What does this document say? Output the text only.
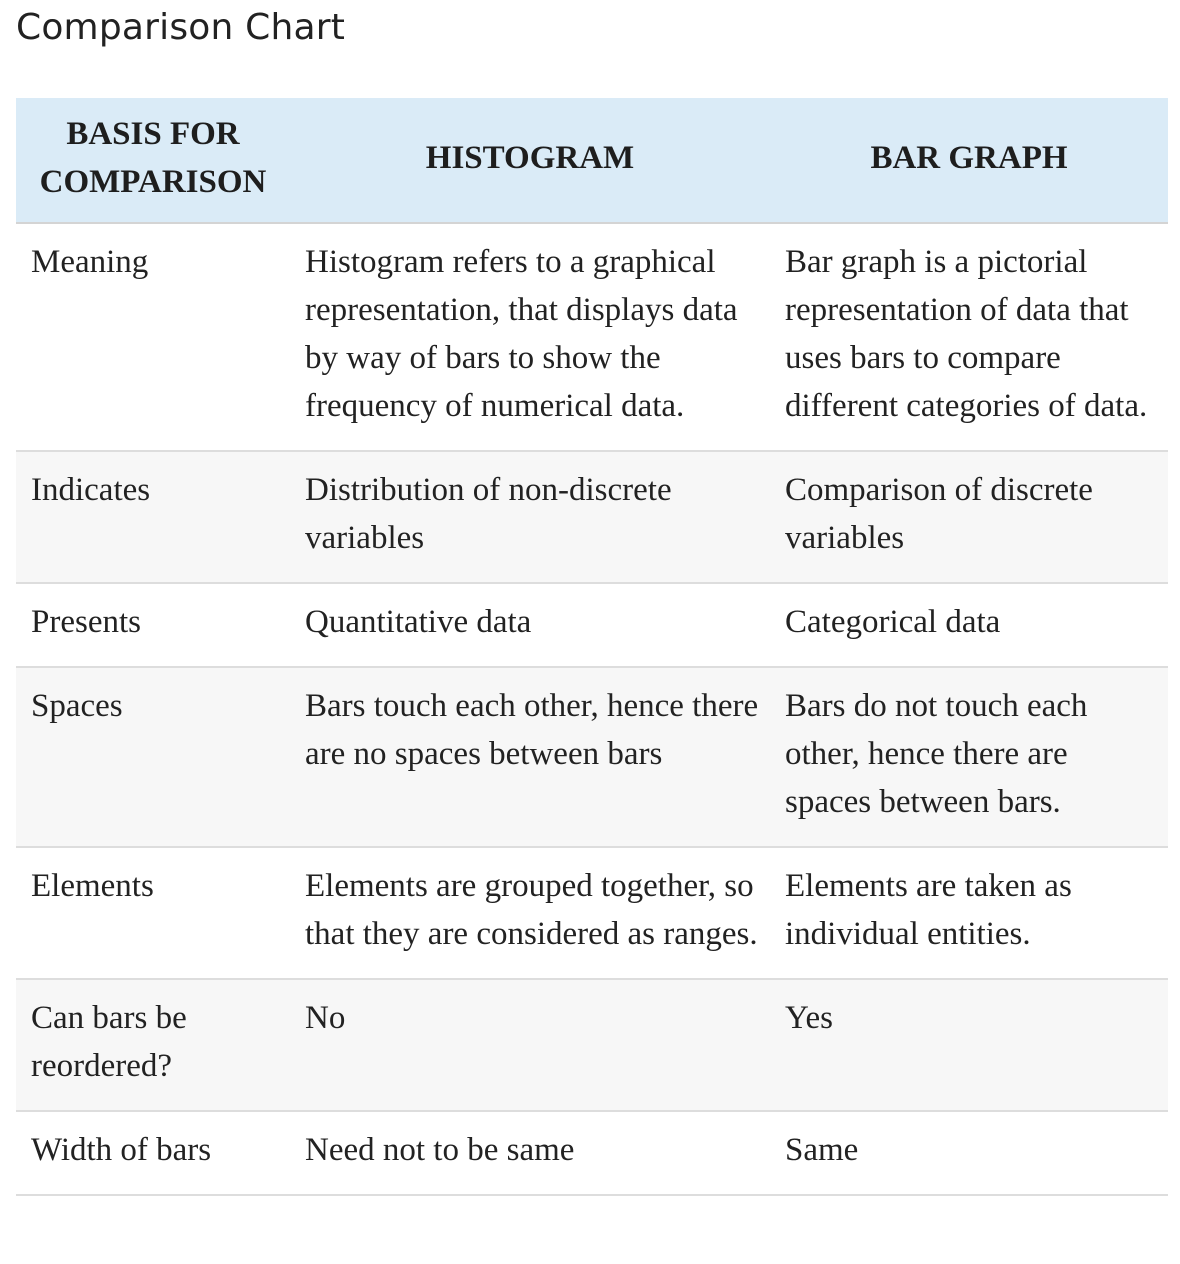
Comparison Chart
BASIS FOR COMPARISON	HISTOGRAM	BAR GRAPH
Meaning	Histogram refers to a graphical representation, that displays data by way of bars to show the frequency of numerical data.	Bar graph is a pictorial representation of data that uses bars to compare different categories of data.
Indicates	Distribution of non-discrete variables	Comparison of discrete variables
Presents	Quantitative data	Categorical data
Spaces	Bars touch each other, hence there are no spaces between bars	Bars do not touch each other, hence there are spaces between bars.
Elements	Elements are grouped together, so that they are considered as ranges.	Elements are taken as individual entities.
Can bars be reordered?	No	Yes
Width of bars	Need not to be same	Same
